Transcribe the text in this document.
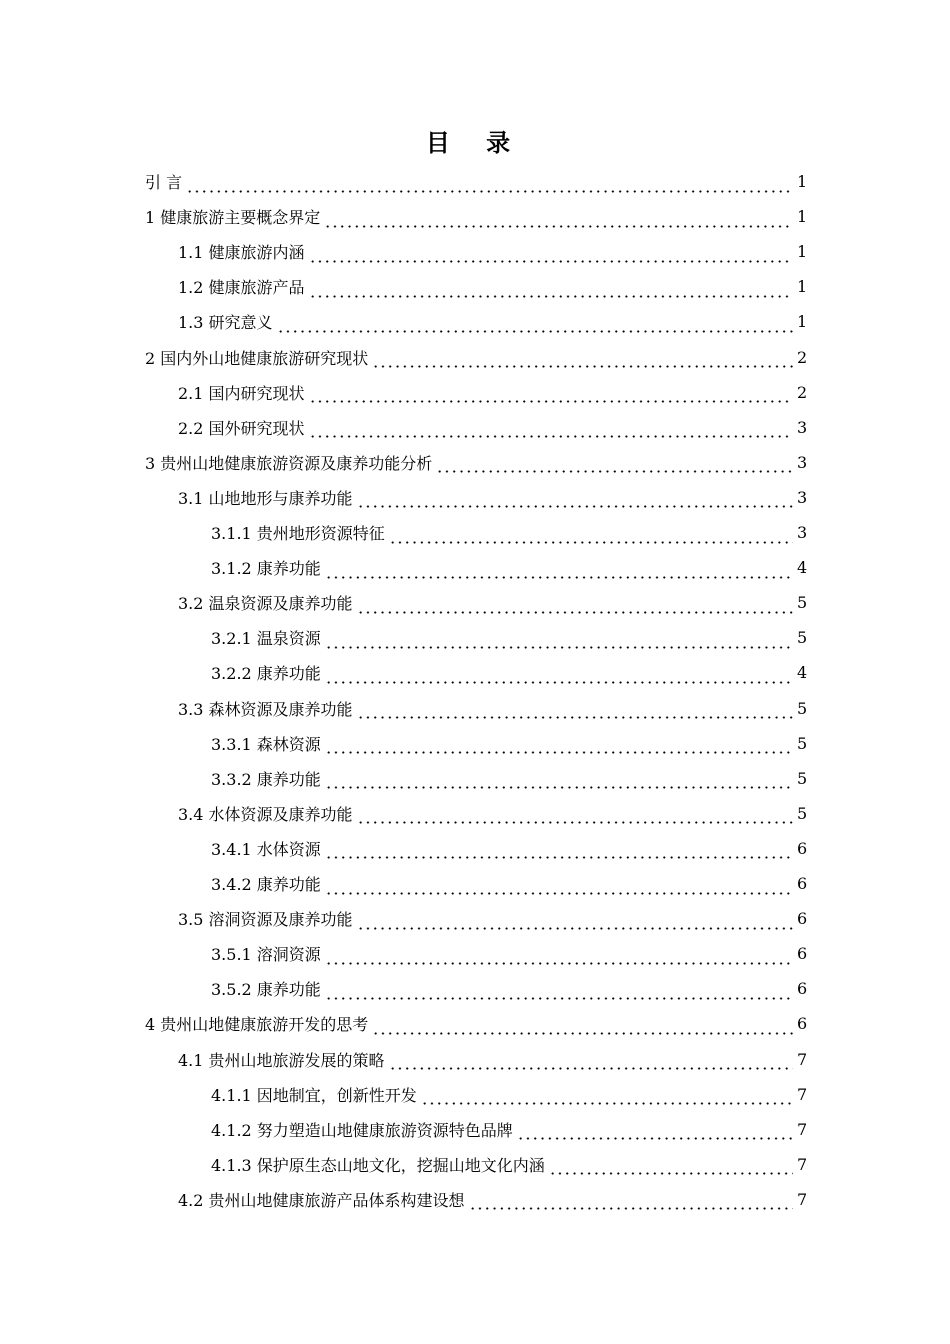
目 录
引 言	1
1 健康旅游主要概念界定	1
1.1 健康旅游内涵	1
1.2 健康旅游产品	1
1.3 研究意义	1
2 国内外山地健康旅游研究现状	2
2.1 国内研究现状	2
2.2 国外研究现状	3
3 贵州山地健康旅游资源及康养功能分析	3
3.1 山地地形与康养功能	3
3.1.1 贵州地形资源特征	3
3.1.2 康养功能	4
3.2 温泉资源及康养功能	5
3.2.1 温泉资源	5
3.2.2 康养功能	4
3.3 森林资源及康养功能	5
3.3.1 森林资源	5
3.3.2 康养功能	5
3.4 水体资源及康养功能	5
3.4.1 水体资源	6
3.4.2 康养功能	6
3.5 溶洞资源及康养功能	6
3.5.1 溶洞资源	6
3.5.2 康养功能	6
4 贵州山地健康旅游开发的思考	6
4.1 贵州山地旅游发展的策略	7
4.1.1 因地制宜，创新性开发	7
4.1.2 努力塑造山地健康旅游资源特色品牌	7
4.1.3 保护原生态山地文化，挖掘山地文化内涵	7
4.2 贵州山地健康旅游产品体系构建设想	7
